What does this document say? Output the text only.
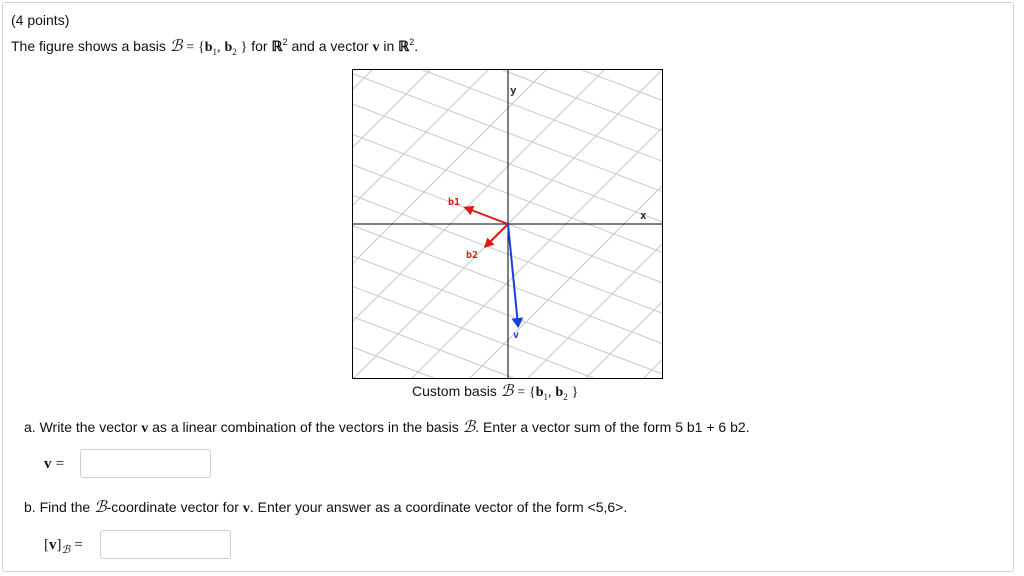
(4 points)
The figure shows a basis ℬ = {$b_1$, $b_2$ } for ℝ$^2$ and a vector v in ℝ$^2$.
y
x
b1
b2
v
Custom basis ℬ = {$b_1$, $b_2$ }
a. Write the vector v as a linear combination of the vectors in the basis ℬ. Enter a vector sum of the form 5 b1 + 6 b2.
v =
b. Find the ℬ-coordinate vector for v. Enter your answer as a coordinate vector of the form <5,6>.
$[v]_ℬ$ =
